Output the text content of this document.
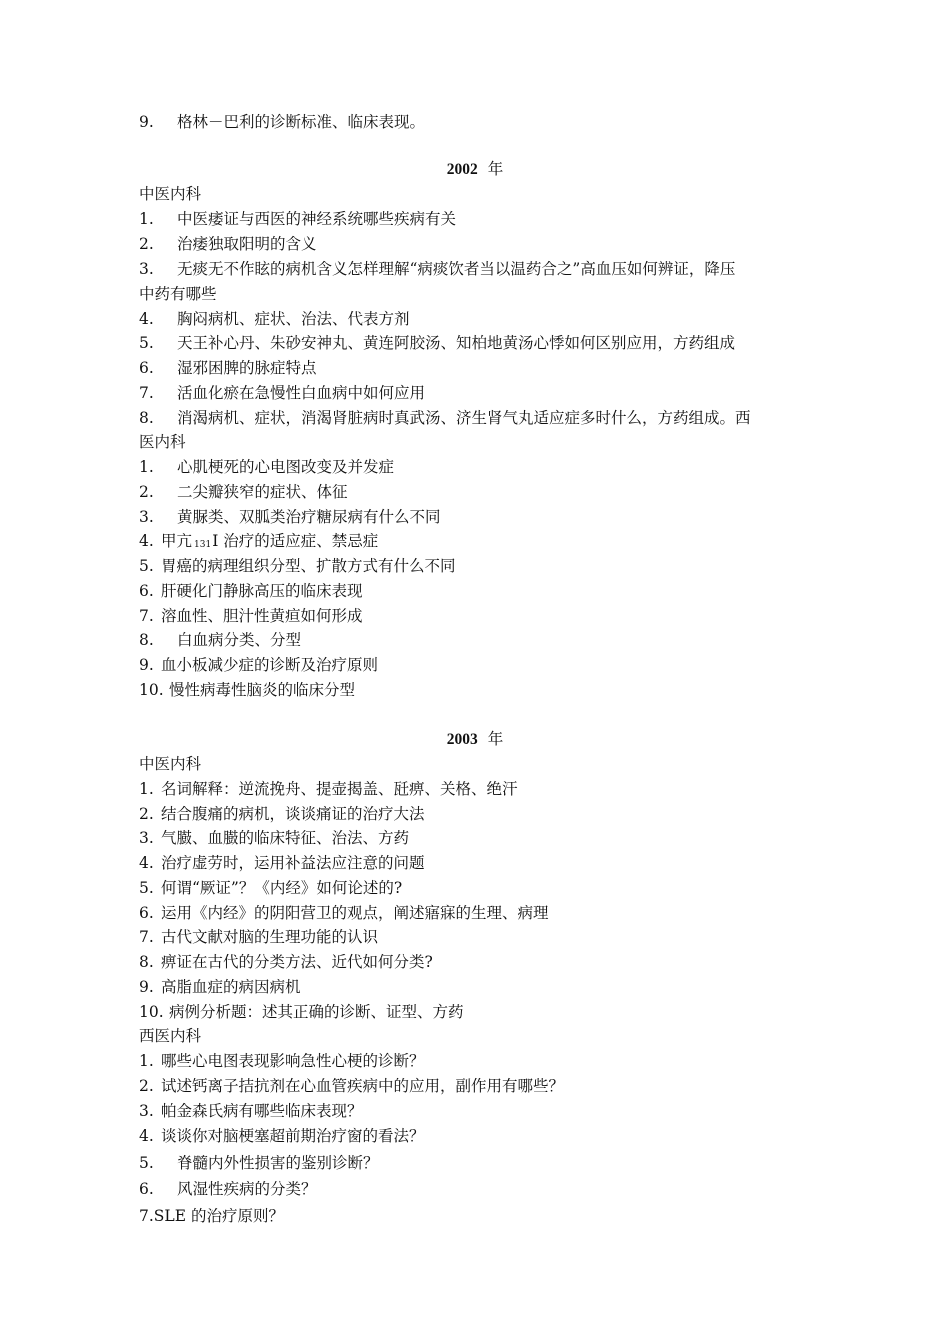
9. 格林－巴利的诊断标准、临床表现。
2002 年
中医内科
1. 中医痿证与西医的神经系统哪些疾病有关
2. 治痿独取阳明的含义
3. 无痰无不作眩的病机含义怎样理解“病痰饮者当以温药合之”高血压如何辨证，降压
中药有哪些
4. 胸闷病机、症状、治法、代表方剂
5. 天王补心丹、朱砂安神丸、黄连阿胶汤、知柏地黄汤心悸如何区别应用，方药组成
6. 湿邪困脾的脉症特点
7. 活血化瘀在急慢性白血病中如何应用
8. 消渴病机、症状，消渴肾脏病时真武汤、济生肾气丸适应症多时什么，方药组成。西
医内科
1. 心肌梗死的心电图改变及并发症
2. 二尖瓣狭窄的症状、体征
3. 黄脲类、双胍类治疗糖尿病有什么不同
4. 甲亢 131I 治疗的适应症、禁忌症
5. 胃癌的病理组织分型、扩散方式有什么不同
6. 肝硬化门静脉高压的临床表现
7. 溶血性、胆汁性黄疸如何形成
8. 白血病分类、分型
9. 血小板减少症的诊断及治疗原则
10. 慢性病毒性脑炎的临床分型
2003 年
中医内科
1. 名词解释：逆流挽舟、提壶揭盖、瓩痹、关格、绝汗
2. 结合腹痛的病机，谈谈痛证的治疗大法
3. 气臌、血臌的临床特征、治法、方药
4. 治疗虚劳时，运用补益法应注意的问题
5. 何谓“厥证”？《内经》如何论述的?
6. 运用《内经》的阴阳营卫的观点，阐述寤寐的生理、病理
7. 古代文献对脑的生理功能的认识
8. 痹证在古代的分类方法、近代如何分类?
9. 高脂血症的病因病机
10. 病例分析题：述其正确的诊断、证型、方药
西医内科
1. 哪些心电图表现影响急性心梗的诊断？
2. 试述钙离子拮抗剂在心血管疾病中的应用，副作用有哪些？
3. 帕金森氏病有哪些临床表现？
4. 谈谈你对脑梗塞超前期治疗窗的看法？
5. 脊髓内外性损害的鉴别诊断？
6. 风湿性疾病的分类？
7.SLE 的治疗原则？
